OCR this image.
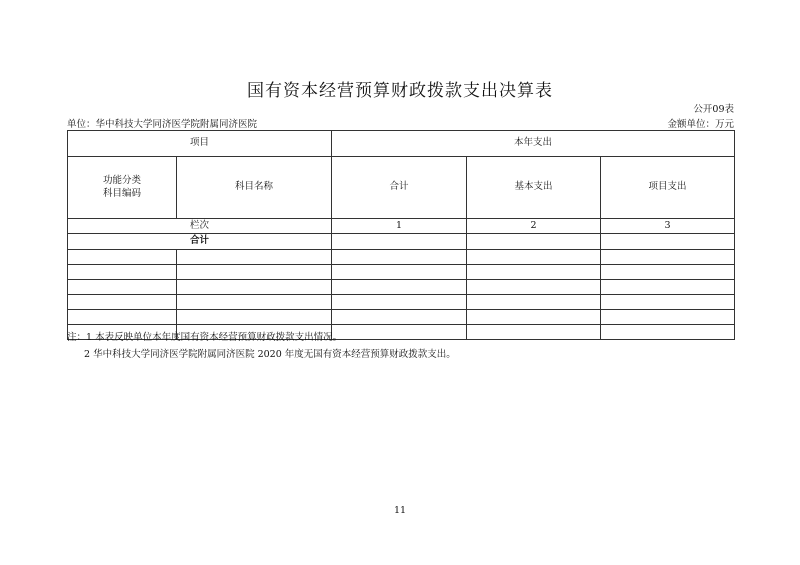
国有资本经营预算财政拨款支出决算表
公开09表
单位：华中科技大学同济医学院附属同济医院	金额单位：万元
项目		本年支出		

功能分类
科目编码	科目名称	合计	基本支出	项目支出
栏次		1	2	3
合计				

注：1 本表反映单位本年度国有资本经营预算财政拨款支出情况。
2 华中科技大学同济医学院附属同济医院 2020 年度无国有资本经营预算财政拨款支出。
11
